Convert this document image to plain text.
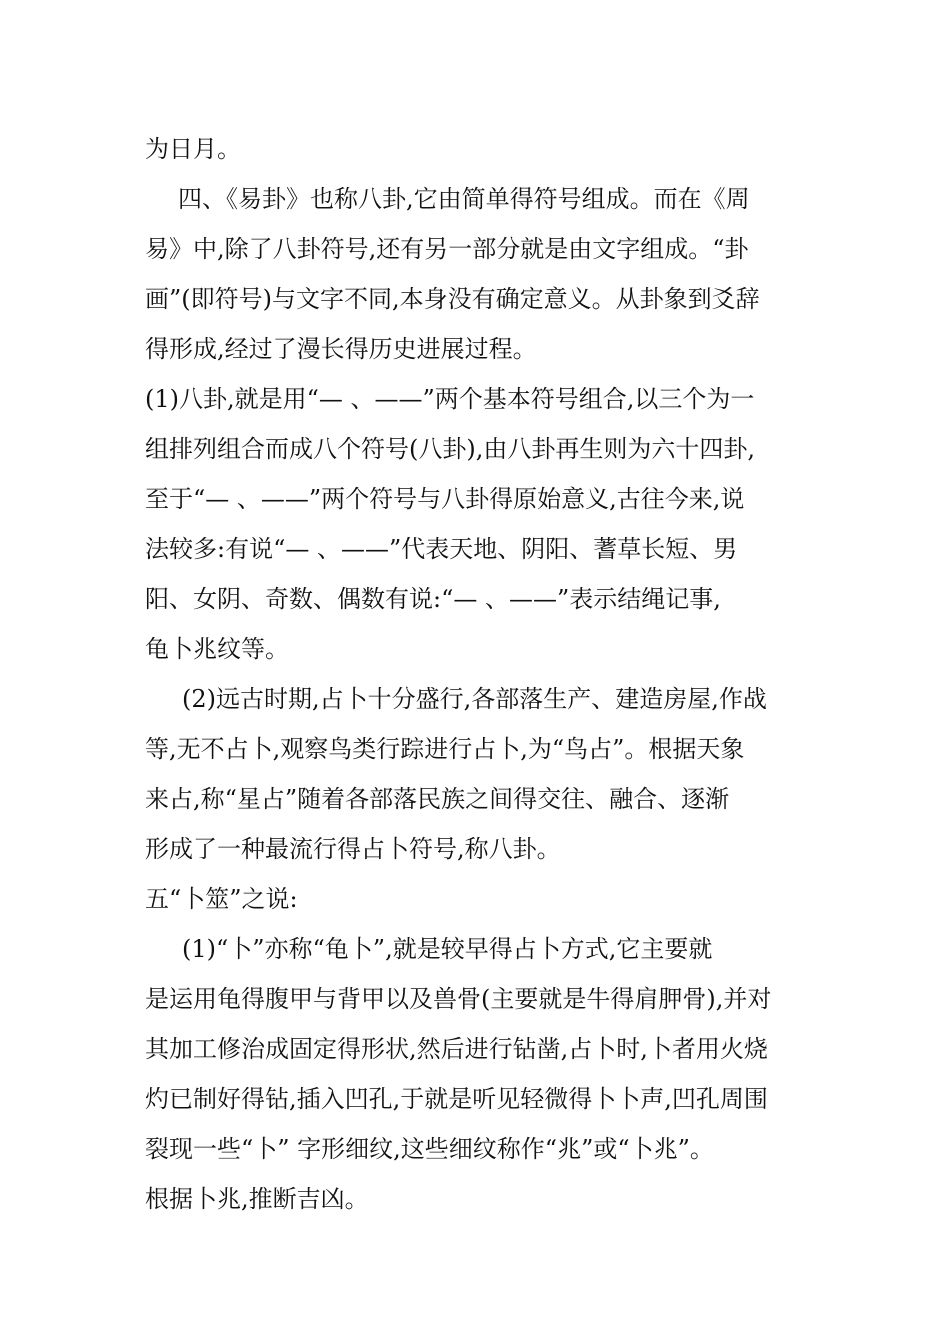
为日月。

四、《易卦》也称八卦,它由简单得符号组成。而在《周

易》中,除了八卦符号,还有另一部分就是由文字组成。“卦

画”(即符号)与文字不同,本身没有确定意义。从卦象到爻辞

得形成,经过了漫长得历史进展过程。

(1)八卦,就是用“— 、——”两个基本符号组合,以三个为一

组排列组合而成八个符号(八卦),由八卦再生则为六十四卦,

至于“— 、——”两个符号与八卦得原始意义,古往今来,说

法较多:有说“— 、——”代表天地、阴阳、蓍草长短、男

阳、女阴、奇数、偶数有说:“— 、——”表示结绳记事,

龟卜兆纹等。

(2)远古时期,占卜十分盛行,各部落生产、建造房屋,作战

等,无不占卜,观察鸟类行踪进行占卜,为“鸟占”。根据天象

来占,称“星占”随着各部落民族之间得交往、融合、逐渐

形成了一种最流行得占卜符号,称八卦。

五“卜筮”之说:

(1)“卜”亦称“龟卜”,就是较早得占卜方式,它主要就

是运用龟得腹甲与背甲以及兽骨(主要就是牛得肩胛骨),并对

其加工修治成固定得形状,然后进行钻凿,占卜时,卜者用火烧

灼已制好得钻,插入凹孔,于就是听见轻微得卜卜声,凹孔周围

裂现一些“卜” 字形细纹,这些细纹称作“兆”或“卜兆”。

根据卜兆,推断吉凶。
